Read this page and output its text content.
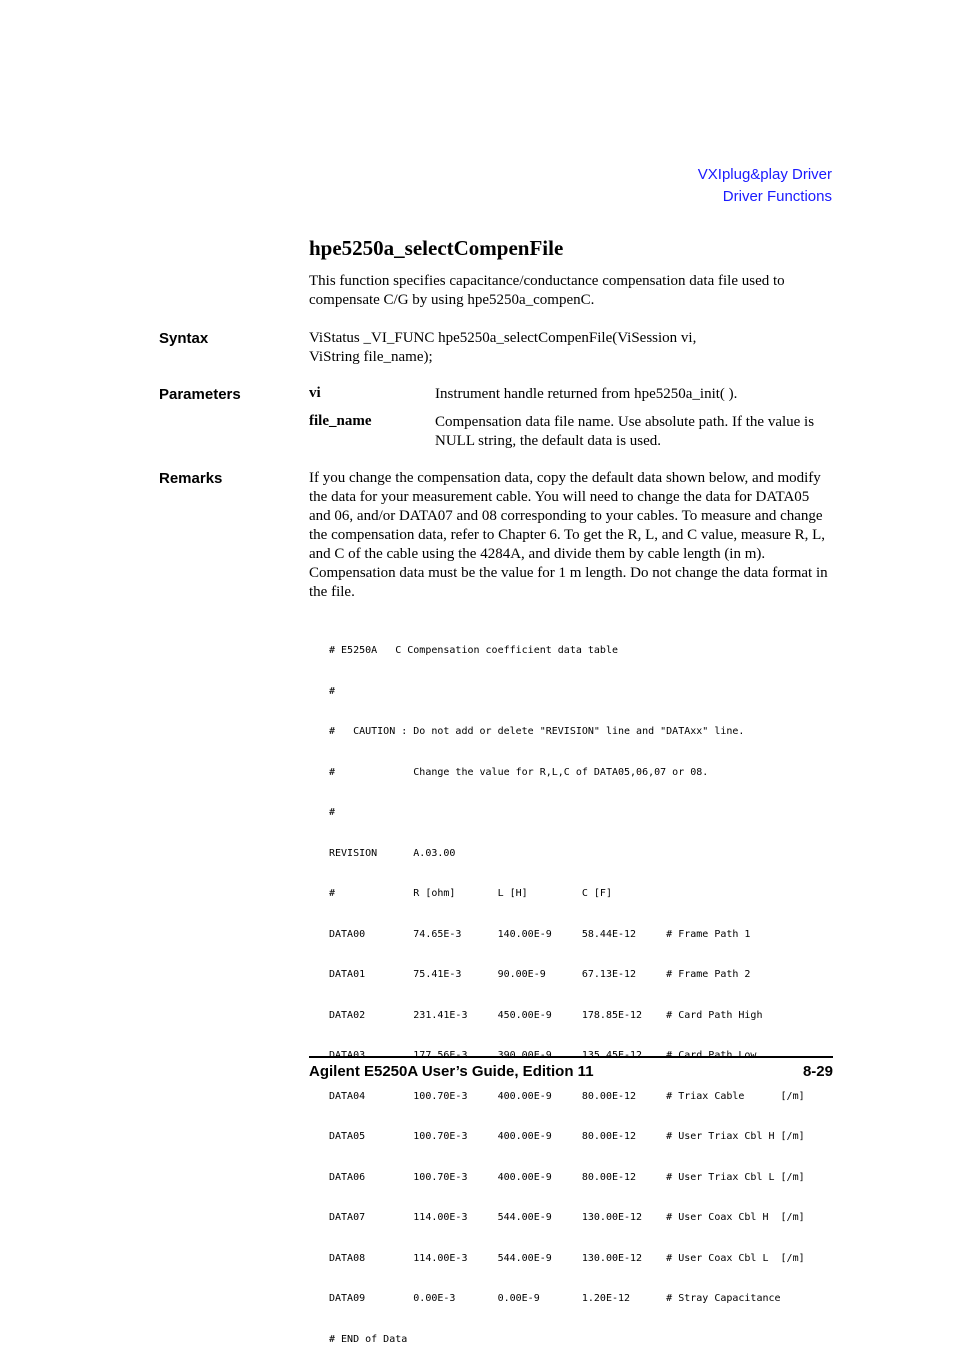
VXIplug&play Driver
Driver Functions
hpe5250a_selectCompenFile
This function specifies capacitance/conductance compensation data file used to compensate C/G by using hpe5250a_compenC.
Syntax	ViStatus _VI_FUNC hpe5250a_selectCompenFile(ViSession vi,
ViString file_name);
Parameters	vi	Instrument handle returned from hpe5250a_init( ).
file_name	Compensation data file name. Use absolute path. If the value is NULL string, the default data is used.
Remarks	If you change the compensation data, copy the default data shown below, and modify the data for your measurement cable. You will need to change the data for DATA05 and 06, and/or DATA07 and 08 corresponding to your cables. To measure and change the compensation data, refer to Chapter 6. To get the R, L, and C value, measure R, L, and C of the cable using the 4284A, and divide them by cable length (in m). Compensation data must be the value for 1 m length. Do not change the data format in the file.

# E5250A   C Compensation coefficient data table

#

#   CAUTION : Do not add or delete "REVISION" line and "DATAxx" line.

#             Change the value for R,L,C of DATA05,06,07 or 08.

#

REVISION      A.03.00

#             R [ohm]       L [H]         C [F]

DATA00        74.65E-3      140.00E-9     58.44E-12     # Frame Path 1

DATA01        75.41E-3      90.00E-9      67.13E-12     # Frame Path 2

DATA02        231.41E-3     450.00E-9     178.85E-12    # Card Path High

DATA03        177.56E-3     390.00E-9     135.45E-12    # Card Path Low

DATA04        100.70E-3     400.00E-9     80.00E-12     # Triax Cable      [/m]

DATA05        100.70E-3     400.00E-9     80.00E-12     # User Triax Cbl H [/m]

DATA06        100.70E-3     400.00E-9     80.00E-12     # User Triax Cbl L [/m]

DATA07        114.00E-3     544.00E-9     130.00E-12    # User Coax Cbl H  [/m]

DATA08        114.00E-3     544.00E-9     130.00E-12    # User Coax Cbl L  [/m]

DATA09        0.00E-3       0.00E-9       1.20E-12      # Stray Capacitance

# END of Data

Agilent E5250A User’s Guide, Edition 11	8-29
